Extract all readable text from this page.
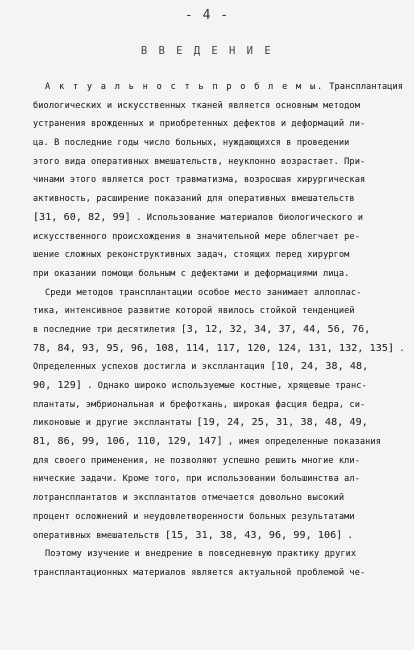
- 4 -
В В Е Д Е Н И Е
А к т у а л ь н о с т ь п р о б л е м ы. Трансплантация
биологических и искусственных тканей является основным методом
устранения врожденных и приобретенных дефектов и деформаций ли-
ца. В последние годы число больных, нуждающихся в проведении
этого вида оперативных вмешательств, неуклонно возрастает. При-
чинами этого является рост травматизма, возросшая хирургическая
активность, расширение показаний для оперативных вмешательств
[31, 60, 82, 99] . Использование материалов биологического и
искусственного происхождения в значительной мере облегчает ре-
шение сложных реконструктивных задач, стоящих перед хирургом
при оказании помощи больным с дефектами и деформациями лица.
Среди методов трансплантации особое место занимает аллоплас-
тика, интенсивное развитие которой явилось стойкой тенденцией
в последние три десятилетия [3, 12, 32, 34, 37, 44, 56, 76,
78, 84, 93, 95, 96, 108, 114, 117, 120, 124, 131, 132, 135] .
Определенных успехов достигла и эксплантация [10, 24, 38, 48,
90, 129] . Однако широко используемые костные, хрящевые транс-
плантаты, эмбриональная и брефоткань, широкая фасция бедра, си-
ликоновые и другие эксплантаты [19, 24, 25, 31, 38, 48, 49,
81, 86, 99, 106, 110, 129, 147] , имея определенные показания
для своего применения, не позволяют успешно решить многие кли-
нические задачи. Кроме того, при использовании большинства ал-
лотрансплантатов и эксплантатов отмечается довольно высокий
процент осложнений и неудовлетворенности больных результатами
оперативных вмешательств [15, 31, 38, 43, 96, 99, 106] .
Поэтому изучение и внедрение в повседневную практику других
трансплантационных материалов является актуальной проблемой че-
